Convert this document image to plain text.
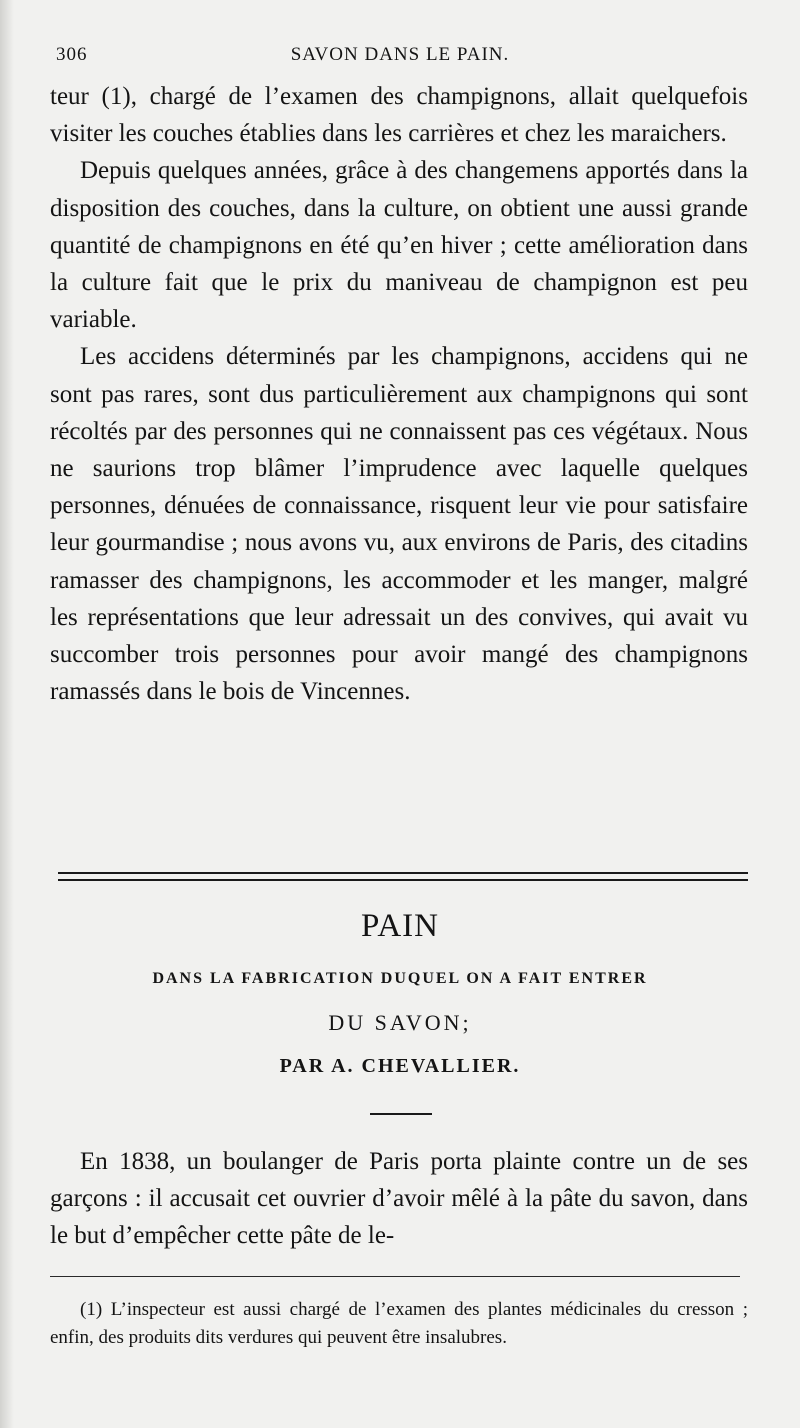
306	SAVON DANS LE PAIN.

teur (1), chargé de l’examen des champignons, allait quelquefois visiter les couches établies dans les carrières et chez les maraichers.

Depuis quelques années, grâce à des changemens apportés dans la disposition des couches, dans la culture, on obtient une aussi grande quantité de champignons en été qu’en hiver ; cette amélioration dans la culture fait que le prix du maniveau de champignon est peu variable.

Les accidens déterminés par les champignons, accidens qui ne sont pas rares, sont dus particulièrement aux champignons qui sont récoltés par des personnes qui ne connaissent pas ces végétaux. Nous ne saurions trop blâmer l’imprudence avec laquelle quelques personnes, dénuées de connaissance, risquent leur vie pour satisfaire leur gourmandise ; nous avons vu, aux environs de Paris, des citadins ramasser des champignons, les accommoder et les manger, malgré les représentations que leur adressait un des convives, qui avait vu succomber trois personnes pour avoir mangé des champignons ramassés dans le bois de Vincennes.

PAIN
DANS LA FABRICATION DUQUEL ON A FAIT ENTRER
DU SAVON;
PAR A. CHEVALLIER.

En 1838, un boulanger de Paris porta plainte contre un de ses garçons : il accusait cet ouvrier d’avoir mêlé à la pâte du savon, dans le but d’empêcher cette pâte de le-

(1) L’inspecteur est aussi chargé de l’examen des plantes médicinales du cresson ; enfin, des produits dits verdures qui peuvent être insalubres.
